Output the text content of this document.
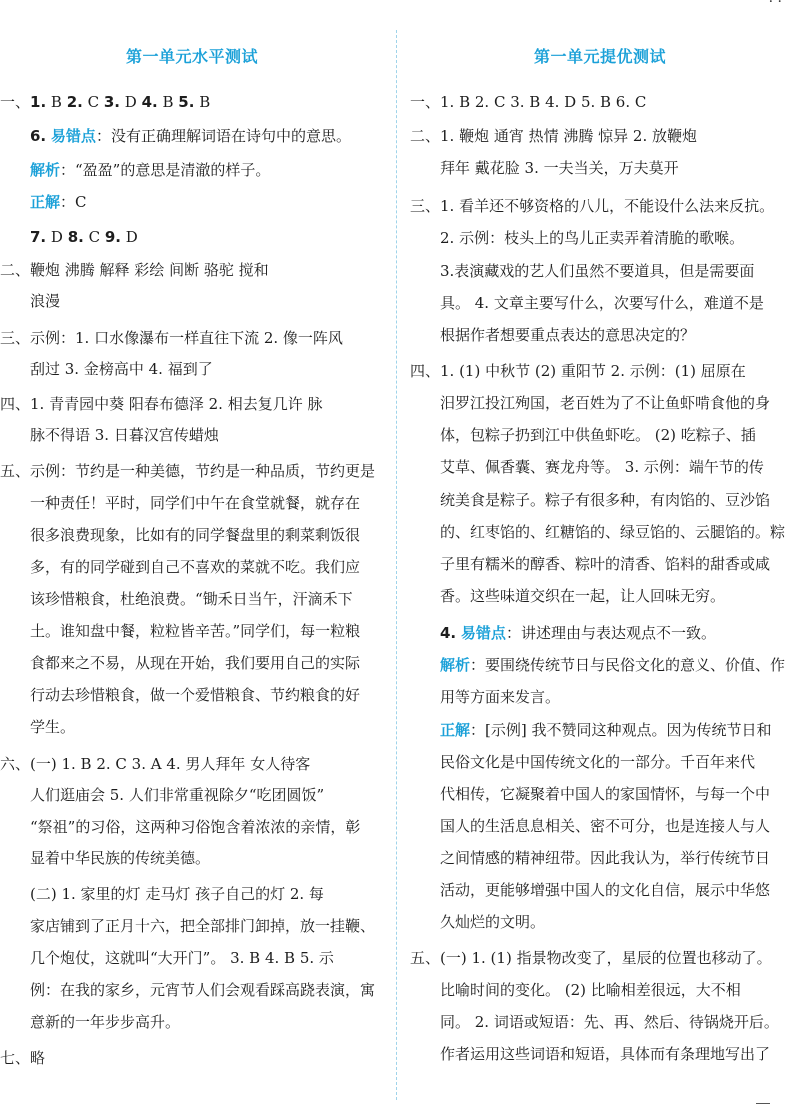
第一单元水平测试
一、1. B 2. C 3. D 4. B 5. B
6. 易错点：没有正确理解词语在诗句中的意思。
解析：“盈盈”的意思是清澈的样子。
正解：C
7. D 8. C 9. D
二、鞭炮 沸腾 解释 彩绘 间断 骆驼 搅和
浪漫
三、示例：1. 口水像瀑布一样直往下流 2. 像一阵风
刮过 3. 金榜高中 4. 福到了
四、1. 青青园中葵 阳春布德泽 2. 相去复几许 脉
脉不得语 3. 日暮汉宫传蜡烛
五、示例：节约是一种美德，节约是一种品质，节约更是
一种责任！平时，同学们中午在食堂就餐，就存在
很多浪费现象，比如有的同学餐盘里的剩菜剩饭很
多，有的同学碰到自己不喜欢的菜就不吃。我们应
该珍惜粮食，杜绝浪费。“锄禾日当午，汗滴禾下
土。谁知盘中餐，粒粒皆辛苦。”同学们，每一粒粮
食都来之不易，从现在开始，我们要用自己的实际
行动去珍惜粮食，做一个爱惜粮食、节约粮食的好
学生。
六、(一) 1. B 2. C 3. A 4. 男人拜年 女人待客
人们逛庙会 5. 人们非常重视除夕“吃团圆饭”
“祭祖”的习俗，这两种习俗饱含着浓浓的亲情，彰
显着中华民族的传统美德。
(二) 1. 家里的灯 走马灯 孩子自己的灯 2. 每
家店铺到了正月十六，把全部排门卸掉，放一挂鞭、
几个炮仗，这就叫“大开门”。 3. B 4. B 5. 示
例：在我的家乡，元宵节人们会观看踩高跷表演，寓
意新的一年步步高升。
七、略
第一单元提优测试
一、1. B 2. C 3. B 4. D 5. B 6. C
二、1. 鞭炮 通宵 热情 沸腾 惊异 2. 放鞭炮
拜年 戴花脸 3. 一夫当关，万夫莫开
三、1. 看羊还不够资格的八儿，不能设什么法来反抗。
2. 示例：枝头上的鸟儿正卖弄着清脆的歌喉。
3.表演藏戏的艺人们虽然不要道具，但是需要面
具。 4. 文章主要写什么，次要写什么，难道不是
根据作者想要重点表达的意思决定的？
四、1. (1) 中秋节 (2) 重阳节 2. 示例：(1) 屈原在
汨罗江投江殉国，老百姓为了不让鱼虾啃食他的身
体，包粽子扔到江中供鱼虾吃。 (2) 吃粽子、插
艾草、佩香囊、赛龙舟等。 3. 示例：端午节的传
统美食是粽子。粽子有很多种，有肉馅的、豆沙馅
的、红枣馅的、红糖馅的、绿豆馅的、云腿馅的。粽
子里有糯米的醇香、粽叶的清香、馅料的甜香或咸
香。这些味道交织在一起，让人回味无穷。
4. 易错点：讲述理由与表达观点不一致。
解析：要围绕传统节日与民俗文化的意义、价值、作
用等方面来发言。
正解：[示例] 我不赞同这种观点。因为传统节日和
民俗文化是中国传统文化的一部分。千百年来代
代相传，它凝聚着中国人的家国情怀，与每一个中
国人的生活息息相关、密不可分，也是连接人与人
之间情感的精神纽带。因此我认为，举行传统节日
活动，更能够增强中国人的文化自信，展示中华悠
久灿烂的文明。
五、(一) 1. (1) 指景物改变了，星辰的位置也移动了。
比喻时间的变化。 (2) 比喻相差很远，大不相
同。 2. 词语或短语：先、再、然后、待锅烧开后。
作者运用这些词语和短语，具体而有条理地写出了
· ·
